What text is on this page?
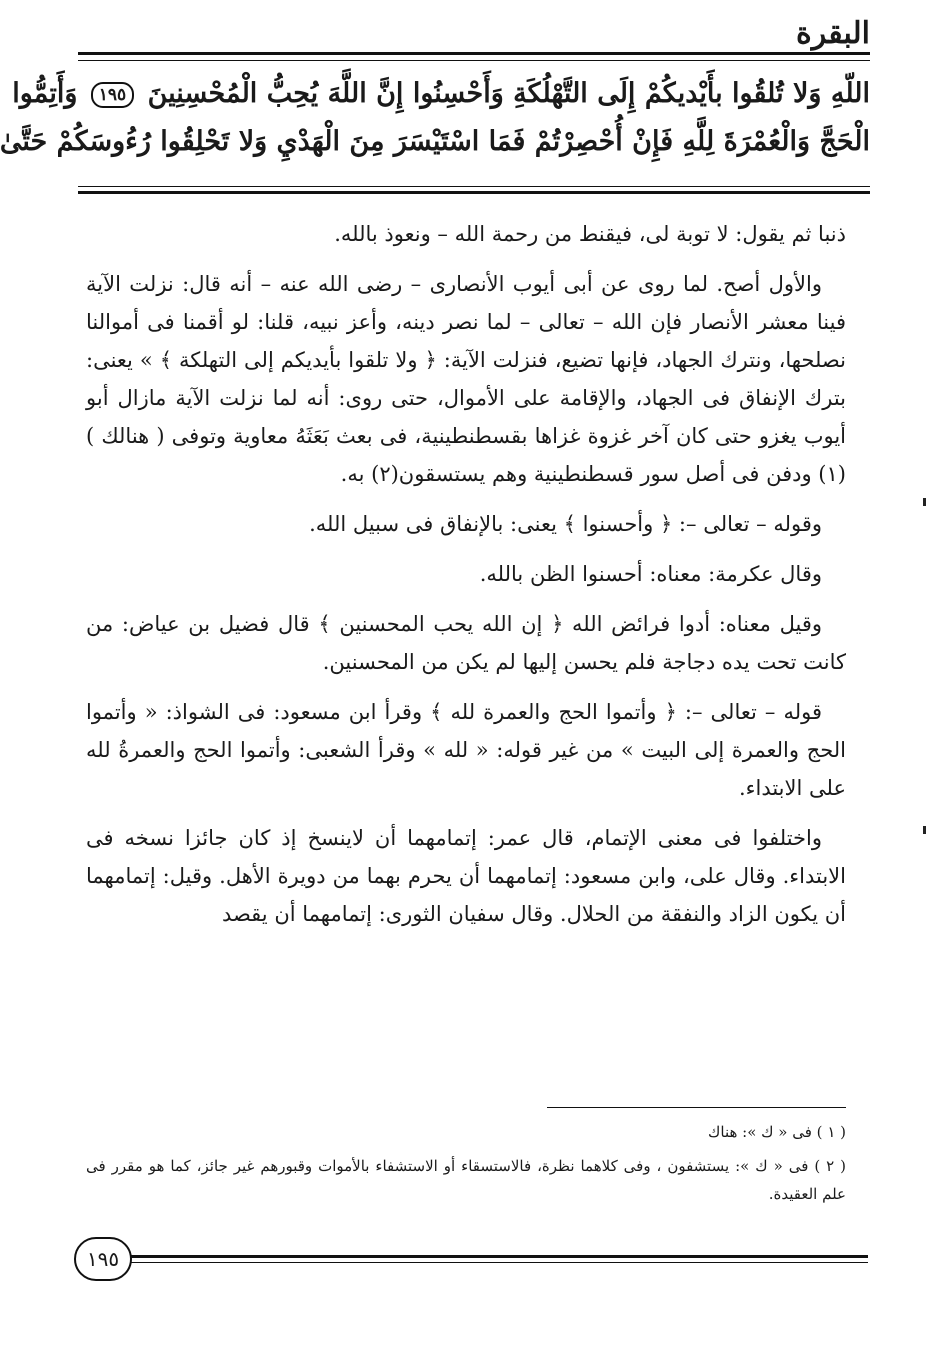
البقرة
اللّهِ وَلا تُلقُوا بأَيْديكُمْ إِلَى التَّهْلُكَةِ وَأَحْسِنُوا إِنَّ اللَّهَ يُحِبُّ الْمُحْسِنِينَ ١٩٥ وَأَتِمُّوا
الْحَجَّ وَالْعُمْرَةَ لِلَّهِ فَإِنْ أُحْصِرْتُمْ فَمَا اسْتَيْسَرَ مِنَ الْهَدْيِ وَلا تَحْلِقُوا رُءُوسَكُمْ حَتَّىٰ

ذنبا ثم يقول: لا توبة لى، فيقنط من رحمة الله – ونعوذ بالله.

والأول أصح. لما روى عن أبى أيوب الأنصارى – رضى الله عنه – أنه قال: نزلت الآية فينا معشر الأنصار فإن الله – تعالى – لما نصر دينه، وأعز نبيه، قلنا: لو أقمنا فى أموالنا نصلحها، ونترك الجهاد، فإنها تضيع، فنزلت الآية: ﴿ ولا تلقوا بأيديكم إلى التهلكة ﴾ » يعنى: بترك الإنفاق فى الجهاد، والإقامة على الأموال، حتى روى: أنه لما نزلت الآية مازال أبو أيوب يغزو حتى كان آخر غزوة غزاها بقسطنطينية، فى بعث بَعَثَهُ معاوية وتوفى ( هنالك )(١) ودفن فى أصل سور قسطنطينية وهم يستسقون(٢) به.

وقوله – تعالى –: ﴿ وأحسنوا ﴾ يعنى: بالإنفاق فى سبيل الله.

وقال عكرمة: معناه: أحسنوا الظن بالله.

وقيل معناه: أدوا فرائض الله ﴿ إن الله يحب المحسنين ﴾ قال فضيل بن عياض: من كانت تحت يده دجاجة فلم يحسن إليها لم يكن من المحسنين.

قوله – تعالى –: ﴿ وأتموا الحج والعمرة لله ﴾ وقرأ ابن مسعود: فى الشواذ: « وأتموا الحج والعمرة إلى البيت » من غير قوله: « لله » وقرأ الشعبى: وأتموا الحج والعمرةُ لله على الابتداء.

واختلفوا فى معنى الإتمام، قال عمر: إتمامهما أن لاينسخ إذ كان جائزا نسخه فى الابتداء. وقال على، وابن مسعود: إتمامهما أن يحرم بهما من دويرة الأهل. وقيل: إتمامهما أن يكون الزاد والنفقة من الحلال. وقال سفيان الثورى: إتمامهما أن يقصد

( ١ ) فى « ك »: هناك

( ٢ ) فى « ك »: يستشفون ، وفى كلاهما نظرة، فالاستسقاء أو الاستشفاء بالأموات وقبورهم غير جائز، كما هو مقرر فى علم العقيدة.

١٩٥
